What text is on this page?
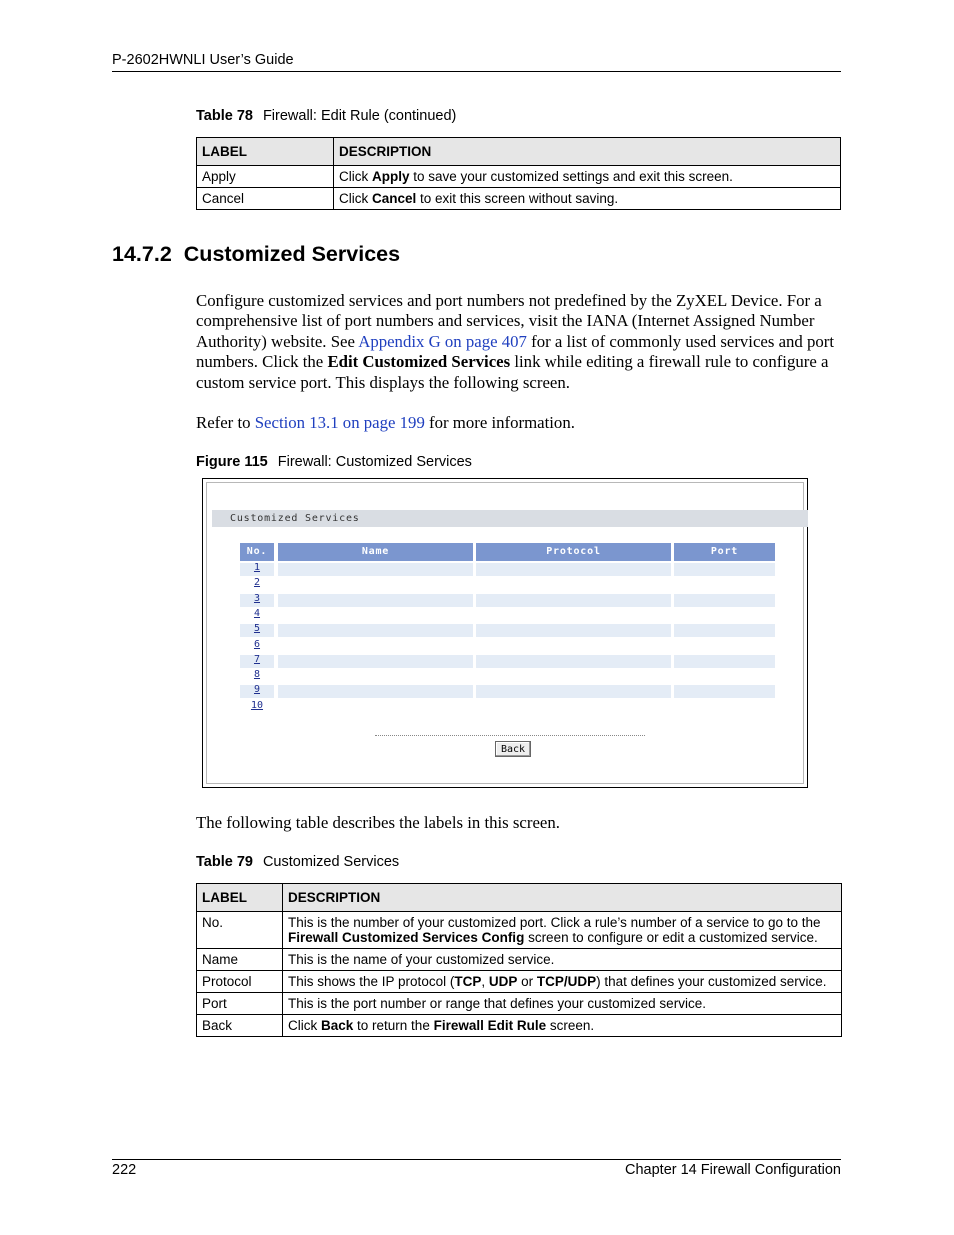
P-2602HWNLI User’s Guide
Table 78 Firewall: Edit Rule (continued)
LABEL	DESCRIPTION
Apply	Click Apply to save your customized settings and exit this screen.
Cancel	Click Cancel to exit this screen without saving.
14.7.2 Customized Services
Configure customized services and port numbers not predefined by the ZyXEL Device. For a comprehensive list of port numbers and services, visit the IANA (Internet Assigned Number Authority) website. See Appendix G on page 407 for a list of commonly used services and port numbers. Click the Edit Customized Services link while editing a firewall rule to configure a custom service port. This displays the following screen.
Refer to Section 13.1 on page 199 for more information.
Figure 115 Firewall: Customized Services
Customized Services
No.	Name	Protocol	Port
1
2
3
4
5
6
7
8
9
10
Back
The following table describes the labels in this screen.
Table 79 Customized Services
LABEL	DESCRIPTION
No.	This is the number of your customized port. Click a rule’s number of a service to go to the Firewall Customized Services Config screen to configure or edit a customized service.
Name	This is the name of your customized service.
Protocol	This shows the IP protocol (TCP, UDP or TCP/UDP) that defines your customized service.
Port	This is the port number or range that defines your customized service.
Back	Click Back to return the Firewall Edit Rule screen.
222	Chapter 14 Firewall Configuration
